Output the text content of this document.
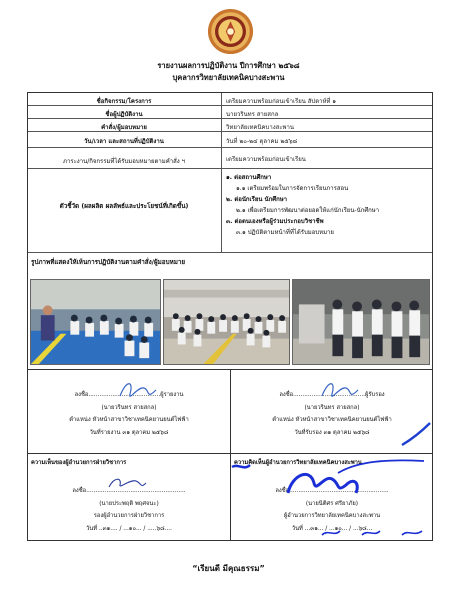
รายงานผลการปฏิบัติงาน ปีการศึกษา ๒๕๖๘
บุคลากรวิทยาลัยเทคนิคบางสะพาน
ชื่อกิจกรรม/โครงการ	เตรียมความพร้อมก่อนเข้าเรียน สัปดาห์ที่ ๑
ชื่อผู้ปฏิบัติงาน	นายวรินทร สายสกล
คำสั่ง/ผู้มอบหมาย	วิทยาลัยเทคนิคบางสะพาน
วัน/เวลา และสถานที่ปฏิบัติงาน	วันที่ ๒๐-๒๔ ตุลาคม ๒๕๖๘
ภาระงาน/กิจกรรมที่ได้รับมอบหมายตามคำสั่ง ฯ	เตรียมความพร้อมก่อนเข้าเรียน
ตัวชี้วัด (ผลผลิต ผลลัพธ์และประโยชน์ที่เกิดขึ้น)
๑. ต่อสถานศึกษา
๑.๑ เตรียมพร้อมในการจัดการเรียนการสอน
๒. ต่อนักเรียน นักศึกษา
๒.๑ เพื่อเตรียมการพัฒนาต่อยอดให้แก่นักเรียน-นักศึกษา
๓. ต่อตนเองหรือผู้ร่วมประกอบวิชาชีพ
๓.๑ ปฏิบัติตามหน้าที่ที่ได้รับมอบหมาย
รูปภาพที่แสดงให้เห็นการปฏิบัติงานตามคำสั่ง/ผู้มอบหมาย
ลงชื่อ.......................................ผู้รายงาน
(นายวรินทร สายสกล)
ตำแหน่ง หัวหน้าสาขาวิชาเทคนิคยานยนต์ไฟฟ้า
วันที่รายงาน ๓๑ ตุลาคม ๒๕๖๘
ลงชื่อ.......................................ผู้รับรอง
(นายวรินทร สายสกล)
ตำแหน่ง หัวหน้าสาขาวิชาเทคนิคยานยนต์ไฟฟ้า
วันที่รับรอง ๓๑ ตุลาคม ๒๕๖๘
ความเห็นของผู้อำนวยการฝ่ายวิชาการ	ความคิดเห็นผู้อำนวยการวิทยาลัยเทคนิคบางสะพาน
ลงชื่อ......................................................
(นายประพฤติ พฤศจนะ)
รองผู้อำนวยการฝ่ายวิชาการ
วันที่ ..๓๑.... / ...๑๐... / .....๖๘....
ลงชื่อ......................................................
(นายนิติศร ศรียาภัย)
ผู้อำนวยการวิทยาลัยเทคนิคบางสะพาน
วันที่ ...๓๑... / ...๑๐... / ...๖๘...
“เรียนดี มีคุณธรรม”
